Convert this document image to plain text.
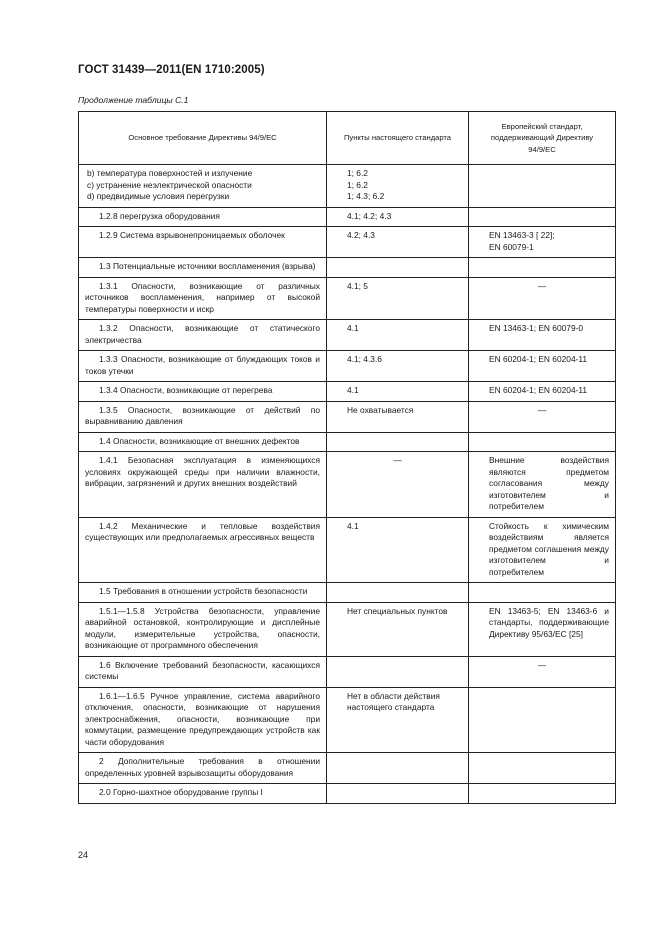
ГОСТ 31439—2011(EN 1710:2005)
Продолжение таблицы С.1
Основное требование Директивы 94/9/ЕС	Пункты настоящего стандарта	Европейский стандарт, поддерживающий Директиву 94/9/ЕС

b) температура поверхностей и излучение
c) устранение неэлектрической опасности
d) предвидимые условия перегрузки	1; 6.2
1; 6.2
1; 4.3; 6.2	

1.2.8 перегрузка оборудования	4.1; 4.2; 4.3	

1.2.9 Система взрывонепроницаемых оболочек	4.2; 4.3	EN 13463-3 [ 22];
EN 60079-1

1.3 Потенциальные источники воспламенения (взрыва)		

1.3.1 Опасности, возникающие от различных источников воспламенения, например от высокой температуры поверхности и искр	4.1; 5	—

1.3.2 Опасности, возникающие от статического электричества	4.1	EN 13463-1; EN 60079-0

1.3.3 Опасности, возникающие от блуждающих токов и токов утечки	4.1; 4.3.6	EN 60204-1; EN 60204-11

1.3.4 Опасности, возникающие от перегрева	4.1	EN 60204-1; EN 60204-11

1.3.5 Опасности, возникающие от действий по выравниванию давления	Не охватывается	—

1.4 Опасности, возникающие от внешних дефектов		

1.4.1 Безопасная эксплуатация в изменяющихся условиях окружающей среды при наличии влажности, вибрации, загрязнений и других внешних воздействий	—	Внешние воздействия являются предметом согласования между изготовителем и потребителем

1.4.2 Механические и тепловые воздействия существующих или предполагаемых агрессивных веществ	4.1	Стойкость к химическим воздействиям является предметом соглашения между изготовителем и потребителем

1.5 Требования в отношении устройств безопасности		

1.5.1—1.5.8 Устройства безопасности, управление аварийной остановкой, контролирующие и дисплейные модули, измерительные устройства, опасности, возникающие от программного обеспечения	Нет специальных пунктов	EN 13463-5; EN 13463-6 и стандарты, поддерживающие Директиву 95/63/ЕС [25]

1.6 Включение требований безопасности, касающихся системы		—

1.6.1—1.6.5 Ручное управление, система аварийного отключения, опасности, возникающие от нарушения электроснабжения, опасности, возникающие при коммутации, размещение предупреждающих устройств как части оборудования	Нет в области действия настоящего стандарта	

2 Дополнительные требования в отношении определенных уровней взрывозащиты оборудования		

2.0 Горно-шахтное оборудование группы I		

24
